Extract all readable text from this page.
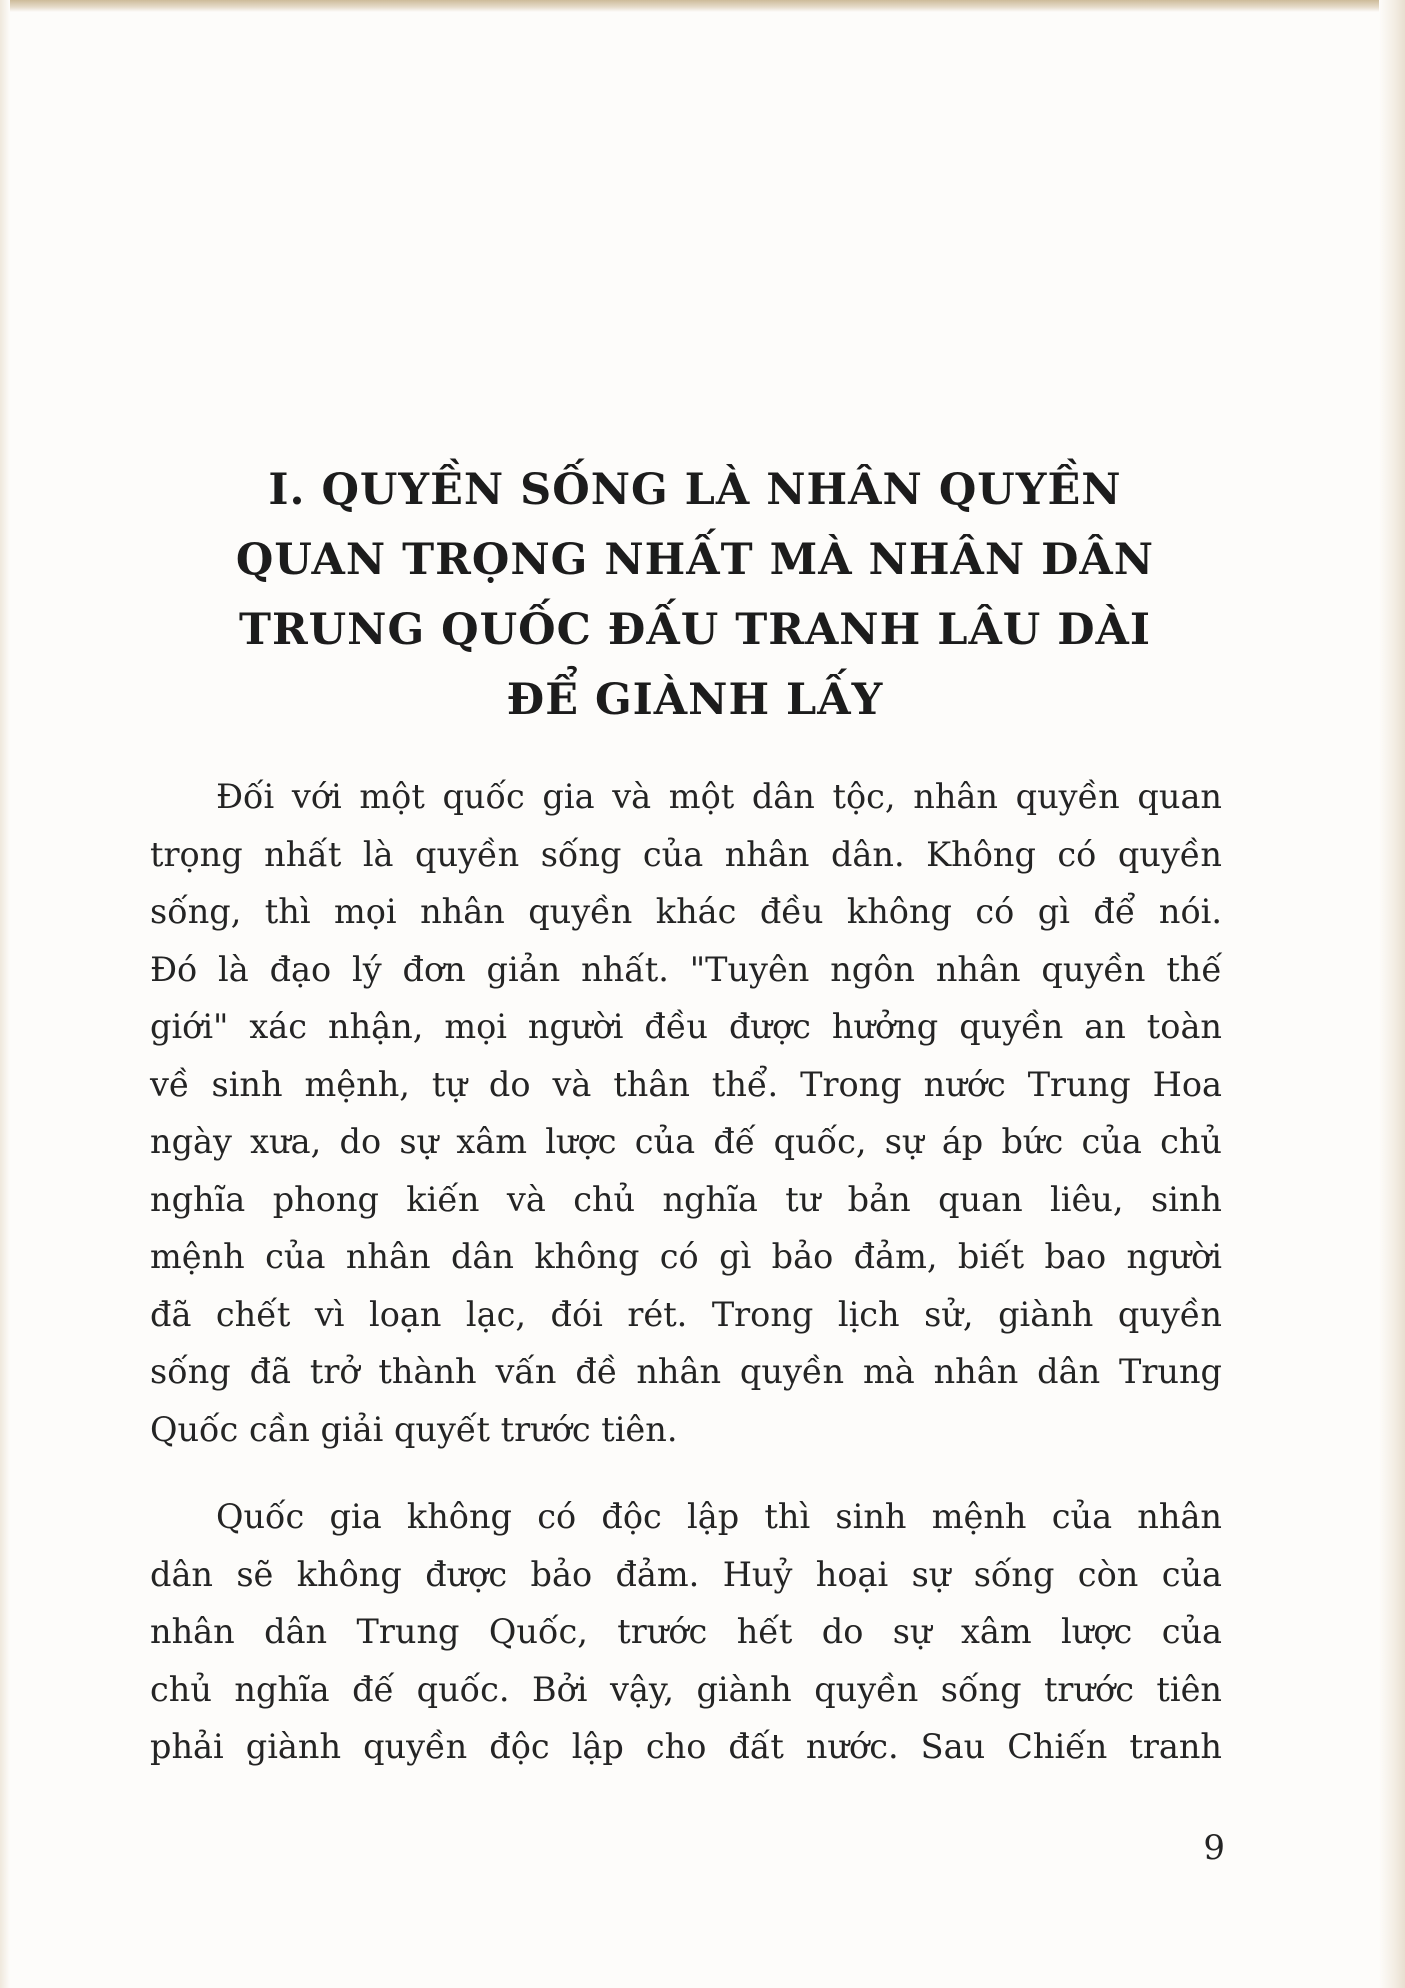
I. QUYỀN SỐNG LÀ NHÂN QUYỀN
QUAN TRỌNG NHẤT MÀ NHÂN DÂN
TRUNG QUỐC ĐẤU TRANH LÂU DÀI
ĐỂ GIÀNH LẤY

Đối với một quốc gia và một dân tộc, nhân quyền quan
trọng nhất là quyền sống của nhân dân. Không có quyền
sống, thì mọi nhân quyền khác đều không có gì để nói.
Đó là đạo lý đơn giản nhất. "Tuyên ngôn nhân quyền thế
giới" xác nhận, mọi người đều được hưởng quyền an toàn
về sinh mệnh, tự do và thân thể. Trong nước Trung Hoa
ngày xưa, do sự xâm lược của đế quốc, sự áp bức của chủ
nghĩa phong kiến và chủ nghĩa tư bản quan liêu, sinh
mệnh của nhân dân không có gì bảo đảm, biết bao người
đã chết vì loạn lạc, đói rét. Trong lịch sử, giành quyền
sống đã trở thành vấn đề nhân quyền mà nhân dân Trung
Quốc cần giải quyết trước tiên.

Quốc gia không có độc lập thì sinh mệnh của nhân
dân sẽ không được bảo đảm. Huỷ hoại sự sống còn của
nhân dân Trung Quốc, trước hết do sự xâm lược của
chủ nghĩa đế quốc. Bởi vậy, giành quyền sống trước tiên
phải giành quyền độc lập cho đất nước. Sau Chiến tranh

9
